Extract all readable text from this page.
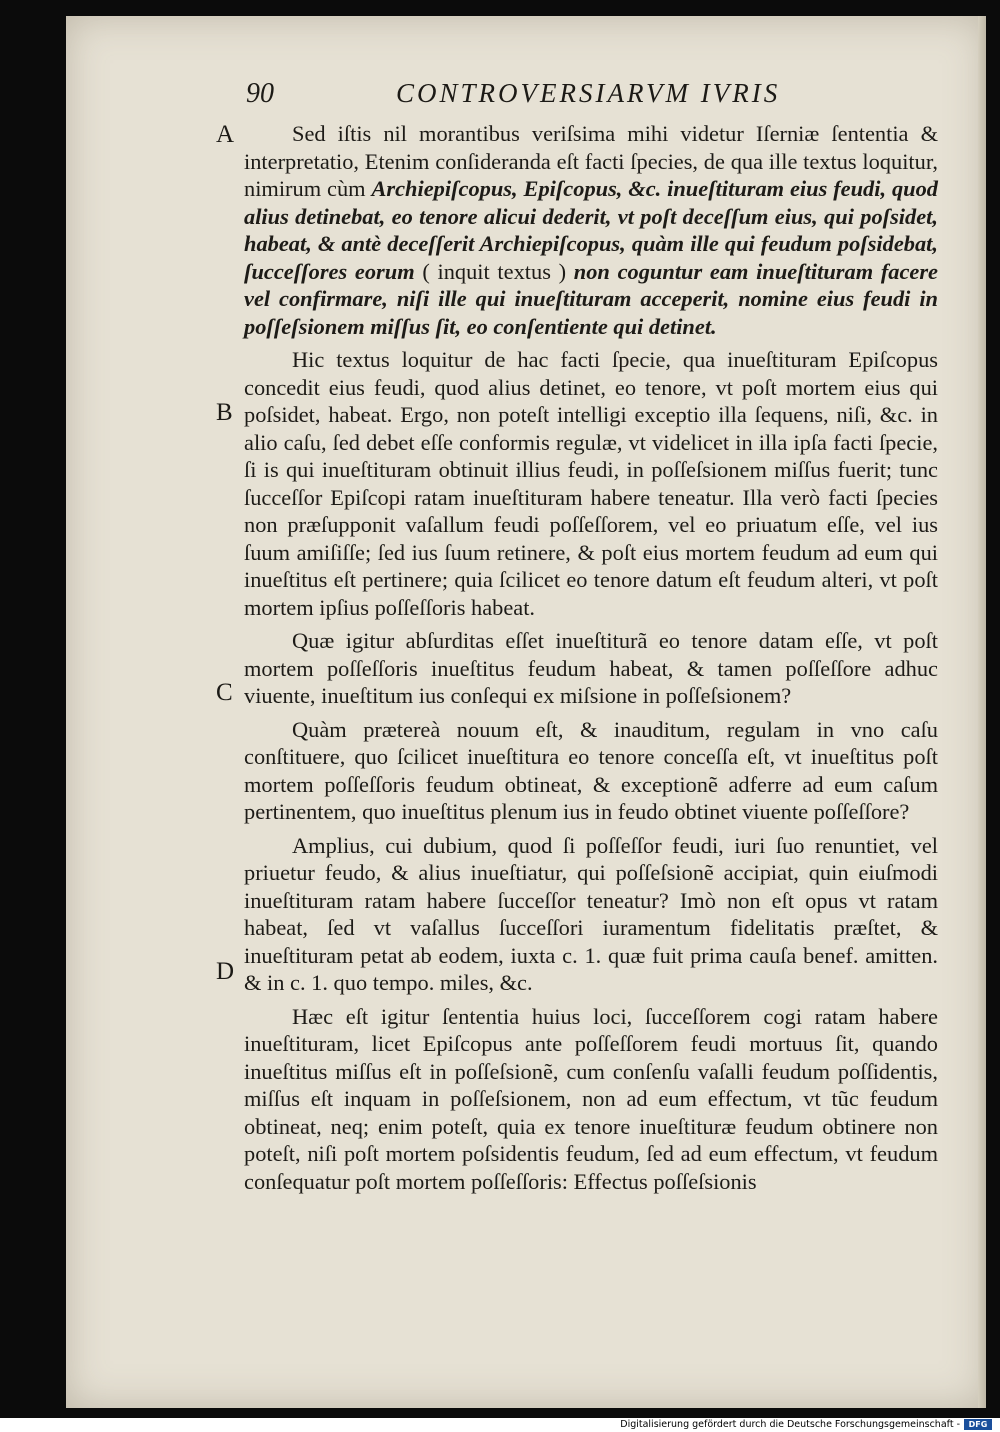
90	CONTROVERSIARVM IVRIS
A
B
C
D

Sed iſtis nil morantibus veriſsima mihi videtur Iſerniæ ſententia & interpretatio, Etenim conſideranda eſt facti ſpecies, de qua ille textus loquitur, nimirum cùm Archiepiſcopus, Epiſcopus, &c. inueſtituram eius feudi, quod alius detinebat, eo tenore alicui dederit, vt poſt deceſſum eius, qui poſsidet, habeat, & antè deceſſerit Archiepiſcopus, quàm ille qui feudum poſsidebat, ſucceſſores eorum ( inquit textus ) non coguntur eam inueſtituram facere vel confirmare, niſi ille qui inueſtituram acceperit, nomine eius feudi in poſſeſsionem miſſus ſit, eo conſentiente qui detinet.

Hic textus loquitur de hac facti ſpecie, qua inueſtituram Epiſcopus concedit eius feudi, quod alius detinet, eo tenore, vt poſt mortem eius qui poſsidet, habeat. Ergo, non poteſt intelligi exceptio illa ſequens, niſi, &c. in alio caſu, ſed debet eſſe conformis regulæ, vt videlicet in illa ipſa facti ſpecie, ſi is qui inueſtituram obtinuit illius feudi, in poſſeſsionem miſſus fuerit; tunc ſucceſſor Epiſcopi ratam inueſtituram habere teneatur. Illa verò facti ſpecies non præſupponit vaſallum feudi poſſeſſorem, vel eo priuatum eſſe, vel ius ſuum amiſiſſe; ſed ius ſuum retinere, & poſt eius mortem feudum ad eum qui inueſtitus eſt pertinere; quia ſcilicet eo tenore datum eſt feudum alteri, vt poſt mortem ipſius poſſeſſoris habeat.

Quæ igitur abſurditas eſſet inueſtiturã eo tenore datam eſſe, vt poſt mortem poſſeſſoris inueſtitus feudum habeat, & tamen poſſeſſore adhuc viuente, inueſtitum ius conſequi ex miſsione in poſſeſsionem?

Quàm prætereà nouum eſt, & inauditum, regulam in vno caſu conſtituere, quo ſcilicet inueſtitura eo tenore conceſſa eſt, vt inueſtitus poſt mortem poſſeſſoris feudum obtineat, & exceptionẽ adferre ad eum caſum pertinentem, quo inueſtitus plenum ius in feudo obtinet viuente poſſeſſore?

Amplius, cui dubium, quod ſi poſſeſſor feudi, iuri ſuo renuntiet, vel priuetur feudo, & alius inueſtiatur, qui poſſeſsionẽ accipiat, quin eiuſmodi inueſtituram ratam habere ſucceſſor teneatur? Imò non eſt opus vt ratam habeat, ſed vt vaſallus ſucceſſori iuramentum fidelitatis præſtet, & inueſtituram petat ab eodem, iuxta c. 1. quæ fuit prima cauſa benef. amitten. & in c. 1. quo tempo. miles, &c.

Hæc eſt igitur ſententia huius loci, ſucceſſorem cogi ratam habere inueſtituram, licet Epiſcopus ante poſſeſſorem feudi mortuus ſit, quando inueſtitus miſſus eſt in poſſeſsionẽ, cum conſenſu vaſalli feudum poſſidentis, miſſus eſt inquam in poſſeſsionem, non ad eum effectum, vt tũc feudum obtineat, neq; enim poteſt, quia ex tenore inueſtituræ feudum obtinere non poteſt, niſi poſt mortem poſsidentis feudum, ſed ad eum effectum, vt feudum conſequatur poſt mortem poſſeſſoris: Effectus poſſeſsionis

Digitalisierung gefördert durch die Deutsche Forschungsgemeinschaft -	DFG
